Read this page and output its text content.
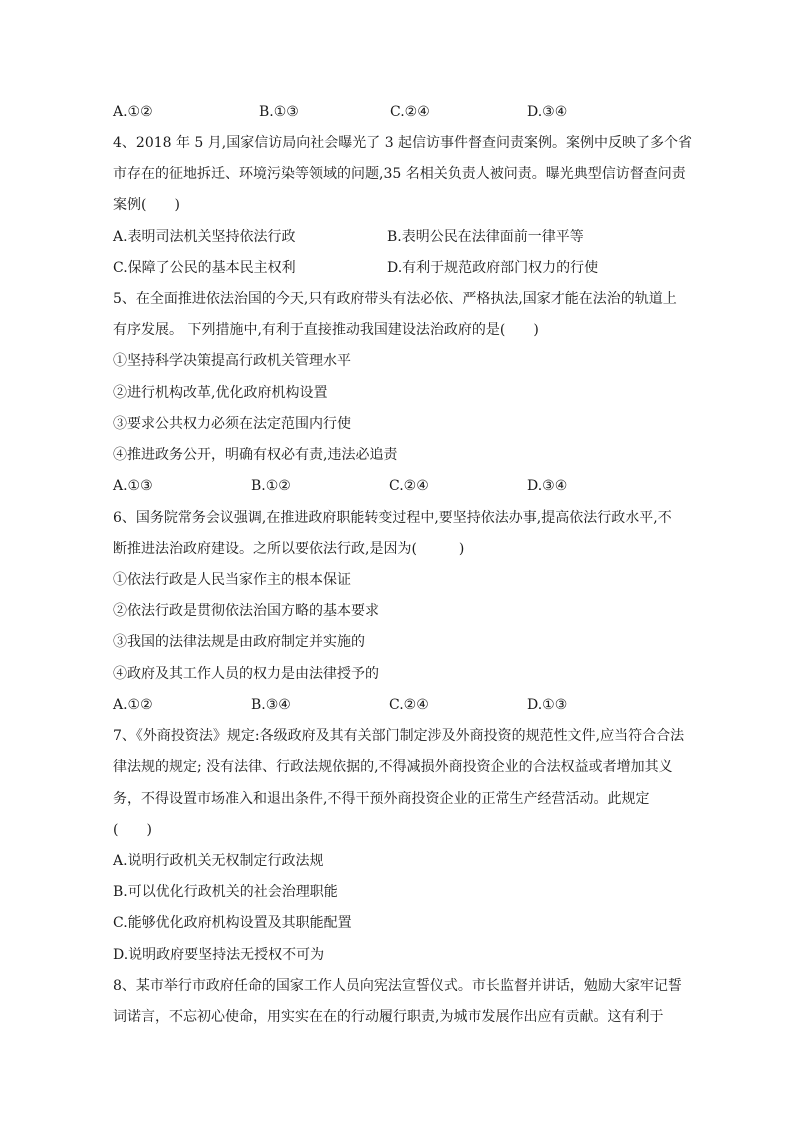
A.①②	B.①③	C.②④	D.③④
4、2018 年 5 月,国家信访局向社会曝光了 3 起信访事件督查问责案例。案例中反映了多个省
市存在的征地拆迁、环境污染等领域的问题,35 名相关负责人被问责。曝光典型信访督查问责
案例(　　)
A.表明司法机关坚持依法行政	B.表明公民在法律面前一律平等
C.保障了公民的基本民主权利	D.有利于规范政府部门权力的行使
5、在全面推进依法治国的今天,只有政府带头有法必依、严格执法,国家才能在法治的轨道上
有序发展。 下列措施中,有利于直接推动我国建设法治政府的是(　　)
①坚持科学决策提高行政机关管理水平
②进行机构改革,优化政府机构设置
③要求公共权力必须在法定范围内行使
④推进政务公开，明确有权必有责,违法必追责
A.①③	B.①②	C.②④	D.③④
6、国务院常务会议强调,在推进政府职能转变过程中,要坚持依法办事,提高依法行政水平,不
断推进法治政府建设。之所以要依法行政,是因为(　　　)
①依法行政是人民当家作主的根本保证
②依法行政是贯彻依法治国方略的基本要求
③我国的法律法规是由政府制定并实施的
④政府及其工作人员的权力是由法律授予的
A.①②	B.③④	C.②④	D.①③
7、《外商投资法》规定:各级政府及其有关部门制定涉及外商投资的规范性文件,应当符合合法
律法规的规定; 没有法律、行政法规依据的,不得减损外商投资企业的合法权益或者增加其义
务，不得设置市场准入和退出条件,不得干预外商投资企业的正常生产经营活动。此规定
(　　)
A.说明行政机关无权制定行政法规
B.可以优化行政机关的社会治理职能
C.能够优化政府机构设置及其职能配置
D.说明政府要坚持法无授权不可为
8、某市举行市政府任命的国家工作人员向宪法宣誓仪式。市长监督并讲话，勉励大家牢记誓
词诺言，不忘初心使命，用实实在在的行动履行职责,为城市发展作出应有贡献。这有利于
